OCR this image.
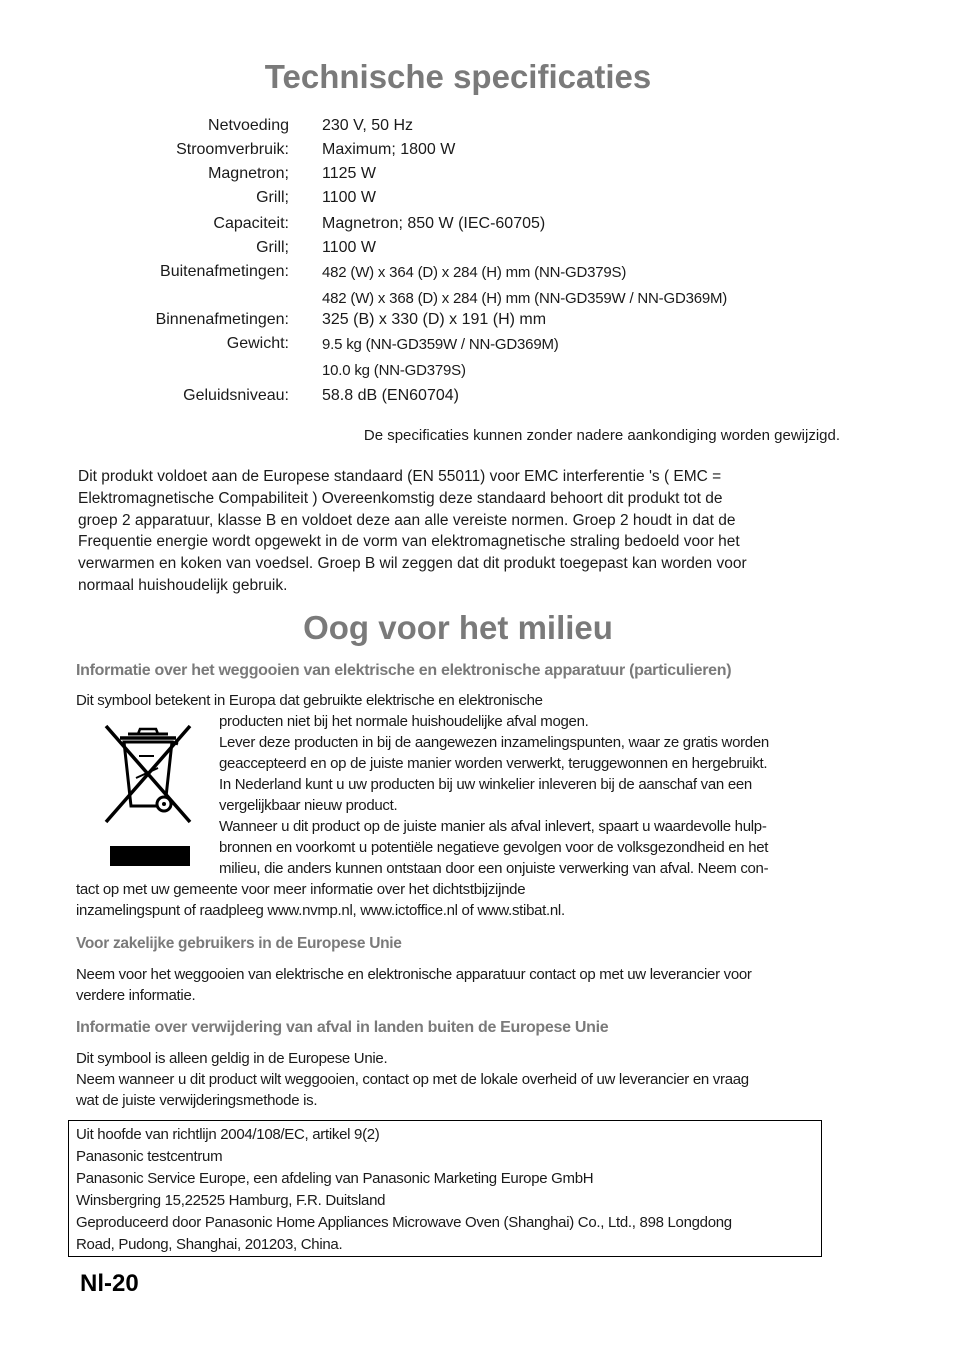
Technische specificaties
Netvoeding 230 V, 50 Hz
Stroomverbruik: Maximum; 1800 W
Magnetron; 1125 W
Grill; 1100 W
Capaciteit: Magnetron; 850 W (IEC-60705)
Grill; 1100 W
Buitenafmetingen: 482 (W) x 364 (D) x 284 (H) mm (NN-GD379S)
482 (W) x 368 (D) x 284 (H) mm (NN-GD359W / NN-GD369M)
Binnenafmetingen: 325 (B) x 330 (D) x 191 (H) mm
Gewicht: 9.5 kg (NN-GD359W / NN-GD369M)
10.0 kg (NN-GD379S)
Geluidsniveau: 58.8 dB (EN60704)
De specificaties kunnen zonder nadere aankondiging worden gewijzigd.
Dit produkt voldoet aan de Europese standaard (EN 55011) voor EMC interferentie 's ( EMC =
Elektromagnetische Compabiliteit ) Overeenkomstig deze standaard behoort dit produkt tot de
groep 2 apparatuur, klasse B en voldoet deze aan alle vereiste normen. Groep 2 houdt in dat de
Frequentie energie wordt opgewekt in de vorm van elektromagnetische straling bedoeld voor het
verwarmen en koken van voedsel. Groep B wil zeggen dat dit produkt toegepast kan worden voor
normaal huishoudelijk gebruik.
Oog voor het milieu
Informatie over het weggooien van elektrische en elektronische apparatuur (particulieren)
Dit symbool betekent in Europa dat gebruikte elektrische en elektronische
producten niet bij het normale huishoudelijke afval mogen.
Lever deze producten in bij de aangewezen inzamelingspunten, waar ze gratis worden
geaccepteerd en op de juiste manier worden verwerkt, teruggewonnen en hergebruikt.
In Nederland kunt u uw producten bij uw winkelier inleveren bij de aanschaf van een
vergelijkbaar nieuw product.
Wanneer u dit product op de juiste manier als afval inlevert, spaart u waardevolle hulp-
bronnen en voorkomt u potentiële negatieve gevolgen voor de volksgezondheid en het
milieu, die anders kunnen ontstaan door een onjuiste verwerking van afval. Neem con-
tact op met uw gemeente voor meer informatie over het dichtstbijzijnde
inzamelingspunt of raadpleeg www.nvmp.nl, www.ictoffice.nl of www.stibat.nl.
Voor zakelijke gebruikers in de Europese Unie
Neem voor het weggooien van elektrische en elektronische apparatuur contact op met uw leverancier voor
verdere informatie.
Informatie over verwijdering van afval in landen buiten de Europese Unie
Dit symbool is alleen geldig in de Europese Unie.
Neem wanneer u dit product wilt weggooien, contact op met de lokale overheid of uw leverancier en vraag
wat de juiste verwijderingsmethode is.
Uit hoofde van richtlijn 2004/108/EC, artikel 9(2)
Panasonic testcentrum
Panasonic Service Europe, een afdeling van Panasonic Marketing Europe GmbH
Winsbergring 15,22525 Hamburg, F.R. Duitsland
Geproduceerd door Panasonic Home Appliances Microwave Oven (Shanghai) Co., Ltd., 898 Longdong
Road, Pudong, Shanghai, 201203, China.
Nl-20
